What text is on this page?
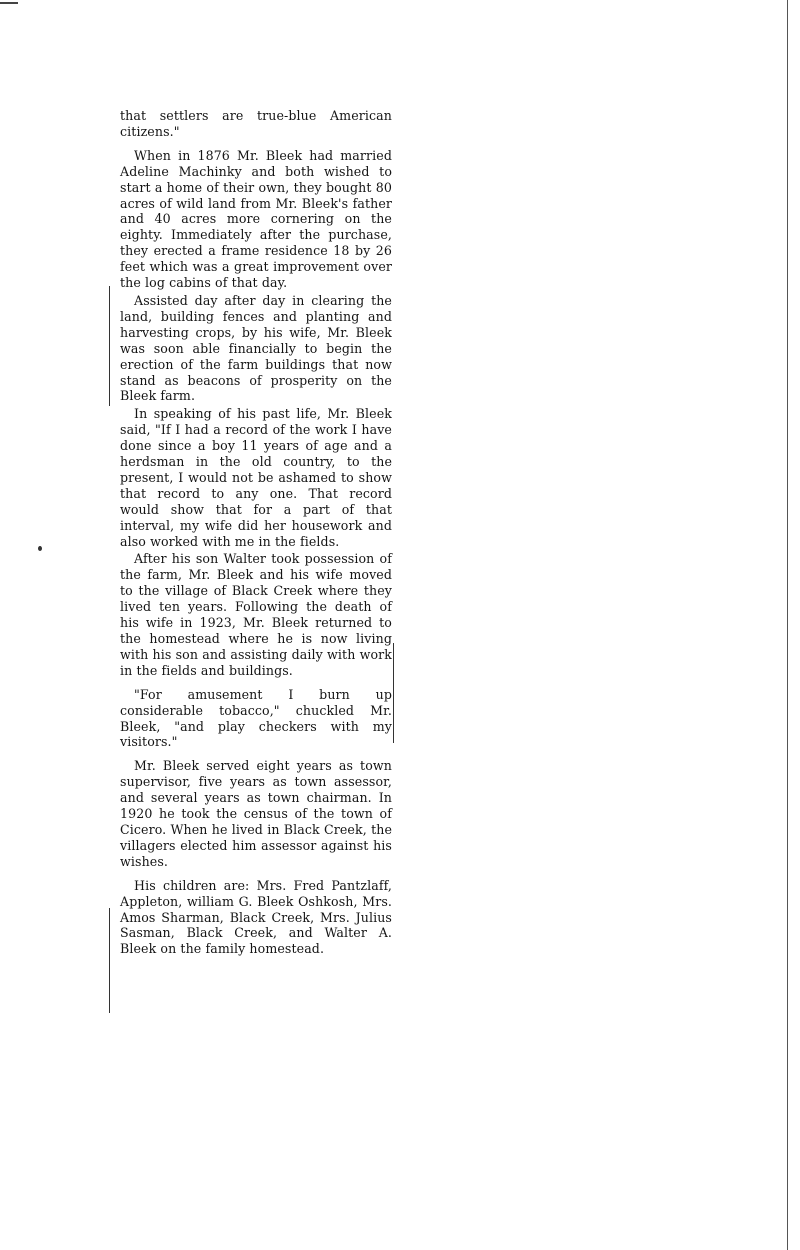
that settlers are true-blue American citizens."

When in 1876 Mr. Bleek had married Adeline Machinky and both wished to start a home of their own, they bought 80 acres of wild land from Mr. Bleek's father and 40 acres more cornering on the eighty. Immediately after the purchase, they erected a frame residence 18 by 26 feet which was a great improvement over the log cabins of that day.

Assisted day after day in clearing the land, building fences and planting and harvesting crops, by his wife, Mr. Bleek was soon able financially to begin the erection of the farm buildings that now stand as beacons of prosperity on the Bleek farm.

In speaking of his past life, Mr. Bleek said, "If I had a record of the work I have done since a boy 11 years of age and a herdsman in the old country, to the present, I would not be ashamed to show that record to any one. That record would show that for a part of that interval, my wife did her housework and also worked with me in the fields.

After his son Walter took possession of the farm, Mr. Bleek and his wife moved to the village of Black Creek where they lived ten years. Following the death of his wife in 1923, Mr. Bleek returned to the homestead where he is now living with his son and assisting daily with work in the fields and buildings.

"For amusement I burn up considerable tobacco," chuckled Mr. Bleek, "and play checkers with my visitors."

Mr. Bleek served eight years as town supervisor, five years as town assessor, and several years as town chairman. In 1920 he took the census of the town of Cicero. When he lived in Black Creek, the villagers elected him assessor against his wishes.

His children are: Mrs. Fred Pantzlaff, Appleton, william G. Bleek Oshkosh, Mrs. Amos Sharman, Black Creek, Mrs. Julius Sasman, Black Creek, and Walter A. Bleek on the family homestead.
